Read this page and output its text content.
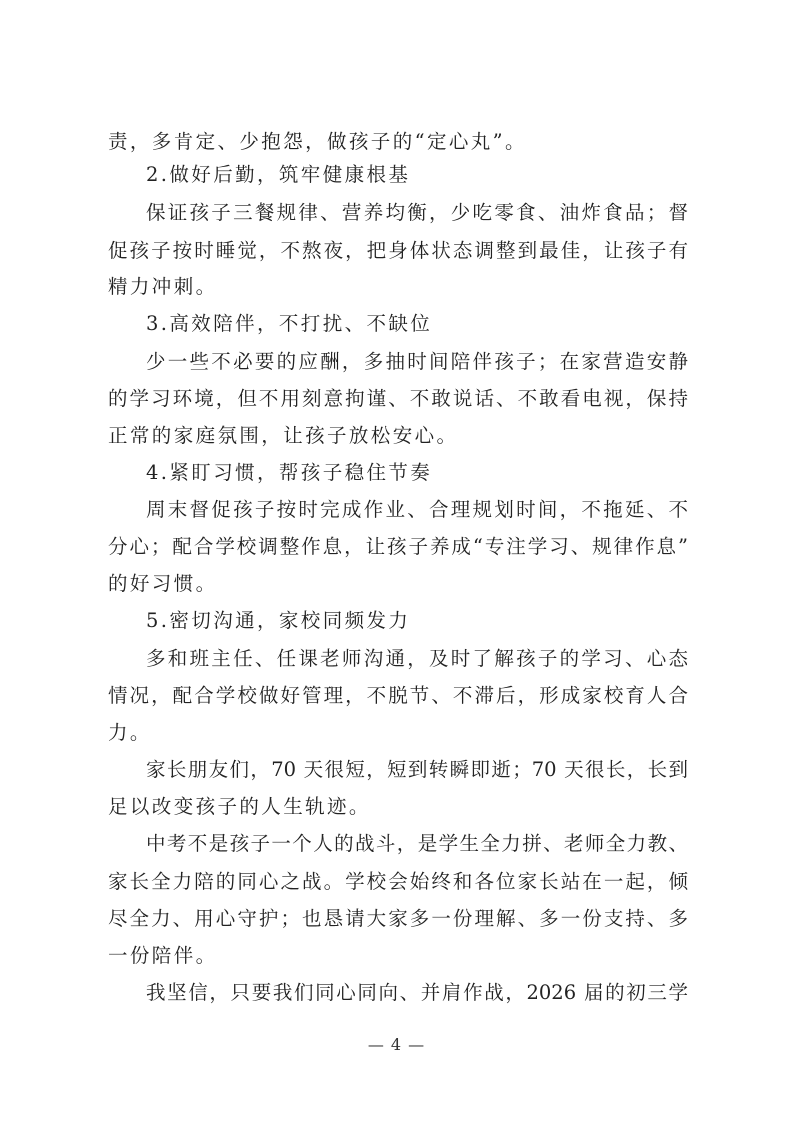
责，多肯定、少抱怨，做孩子的“定心丸”。
2.做好后勤，筑牢健康根基
保证孩子三餐规律、营养均衡，少吃零食、油炸食品；督
促孩子按时睡觉，不熬夜，把身体状态调整到最佳，让孩子有
精力冲刺。
3.高效陪伴，不打扰、不缺位
少一些不必要的应酬，多抽时间陪伴孩子；在家营造安静
的学习环境，但不用刻意拘谨、不敢说话、不敢看电视，保持
正常的家庭氛围，让孩子放松安心。
4.紧盯习惯，帮孩子稳住节奏
周末督促孩子按时完成作业、合理规划时间，不拖延、不
分心；配合学校调整作息，让孩子养成“专注学习、规律作息”
的好习惯。
5.密切沟通，家校同频发力
多和班主任、任课老师沟通，及时了解孩子的学习、心态
情况，配合学校做好管理，不脱节、不滞后，形成家校育人合
力。
家长朋友们，70 天很短，短到转瞬即逝；70 天很长，长到
足以改变孩子的人生轨迹。
中考不是孩子一个人的战斗，是学生全力拼、老师全力教、
家长全力陪的同心之战。学校会始终和各位家长站在一起，倾
尽全力、用心守护；也恳请大家多一份理解、多一份支持、多
一份陪伴。
我坚信，只要我们同心同向、并肩作战，2026 届的初三学
— 4 —
